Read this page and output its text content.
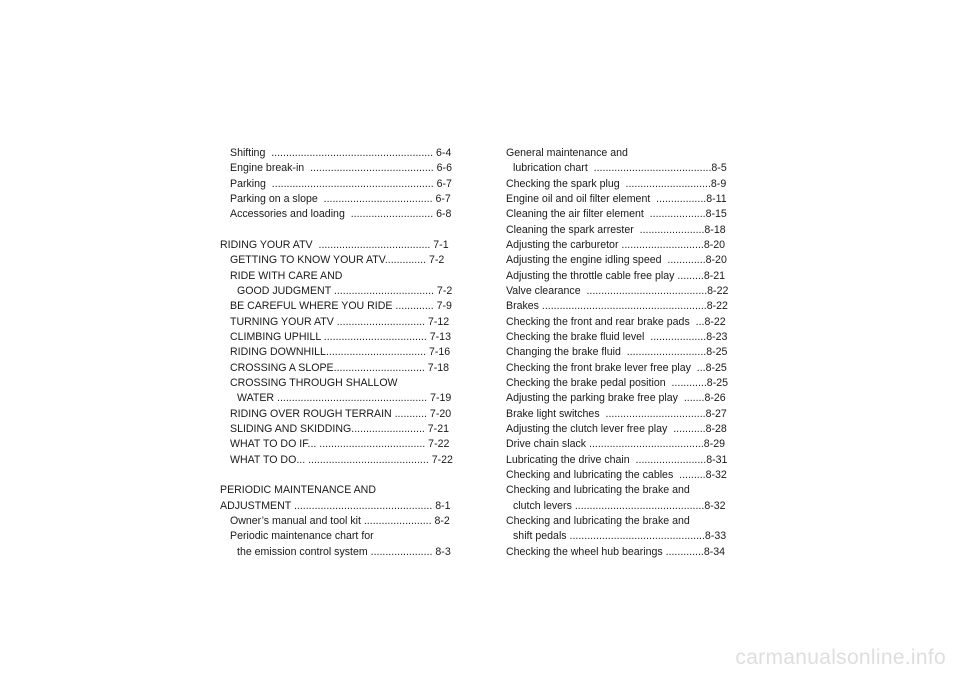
Shifting  ....................................................... 6-4
Engine break-in  .......................................... 6-6
Parking  ....................................................... 6-7
Parking on a slope  ..................................... 6-7
Accessories and loading  ............................ 6-8
RIDING YOUR ATV  ...................................... 7-1
GETTING TO KNOW YOUR ATV.............. 7-2
RIDE WITH CARE AND
GOOD JUDGMENT .................................. 7-2
BE CAREFUL WHERE YOU RIDE ............. 7-9
TURNING YOUR ATV .............................. 7-12
CLIMBING UPHILL ................................... 7-13
RIDING DOWNHILL.................................. 7-16
CROSSING A SLOPE............................... 7-18
CROSSING THROUGH SHALLOW
WATER ................................................... 7-19
RIDING OVER ROUGH TERRAIN ........... 7-20
SLIDING AND SKIDDING......................... 7-21
WHAT TO DO IF... .................................... 7-22
WHAT TO DO... ......................................... 7-22
PERIODIC MAINTENANCE AND
ADJUSTMENT ............................................... 8-1
Owner’s manual and tool kit ....................... 8-2
Periodic maintenance chart for
the emission control system ..................... 8-3
General maintenance and
lubrication chart  ........................................8-5
Checking the spark plug  .............................8-9
Engine oil and oil filter element  .................8-11
Cleaning the air filter element  ...................8-15
Cleaning the spark arrester  ......................8-18
Adjusting the carburetor ............................8-20
Adjusting the engine idling speed  .............8-20
Adjusting the throttle cable free play .........8-21
Valve clearance  .........................................8-22
Brakes ........................................................8-22
Checking the front and rear brake pads  ...8-22
Checking the brake fluid level  ...................8-23
Changing the brake fluid  ...........................8-25
Checking the front brake lever free play  ...8-25
Checking the brake pedal position  ............8-25
Adjusting the parking brake free play  .......8-26
Brake light switches  ..................................8-27
Adjusting the clutch lever free play  ...........8-28
Drive chain slack .......................................8-29
Lubricating the drive chain  ........................8-31
Checking and lubricating the cables  .........8-32
Checking and lubricating the brake and
clutch levers ............................................8-32
Checking and lubricating the brake and
shift pedals ..............................................8-33
Checking the wheel hub bearings .............8-34
carmanualsonline.info
